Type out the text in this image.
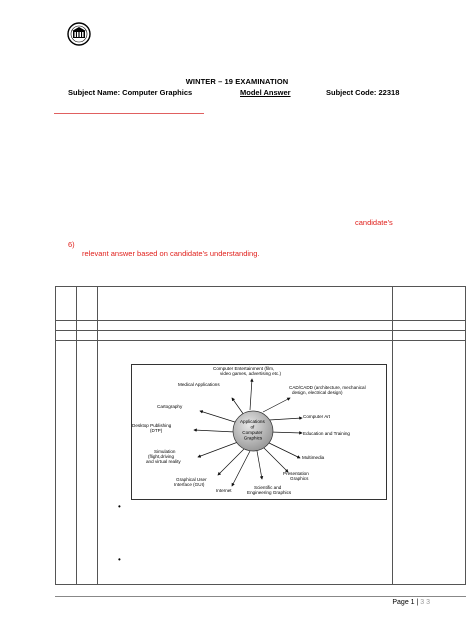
WINTER – 19 EXAMINATION
Subject Name: Computer Graphics	Model Answer	Subject Code: 22318
candidate’s
6)
relevant answer based on candidate’s understanding.

Applications of Computer Graphics
Computer Entertainment (film,
video games, advertising etc.)
Medical Applications
CAD/CADD (architecture, mechanical
design, electrical design)
Cartography
Computer Art
Desktop Publishing
(DTP)
Education and Training
Simulation
(flight,driving
and virtual reality
Multimedia
Presentation
Graphics
Graphical User
Interface (GUI)
Internet
Scientific and
Engineering Graphics
•
•
Page 1 | 3 3
